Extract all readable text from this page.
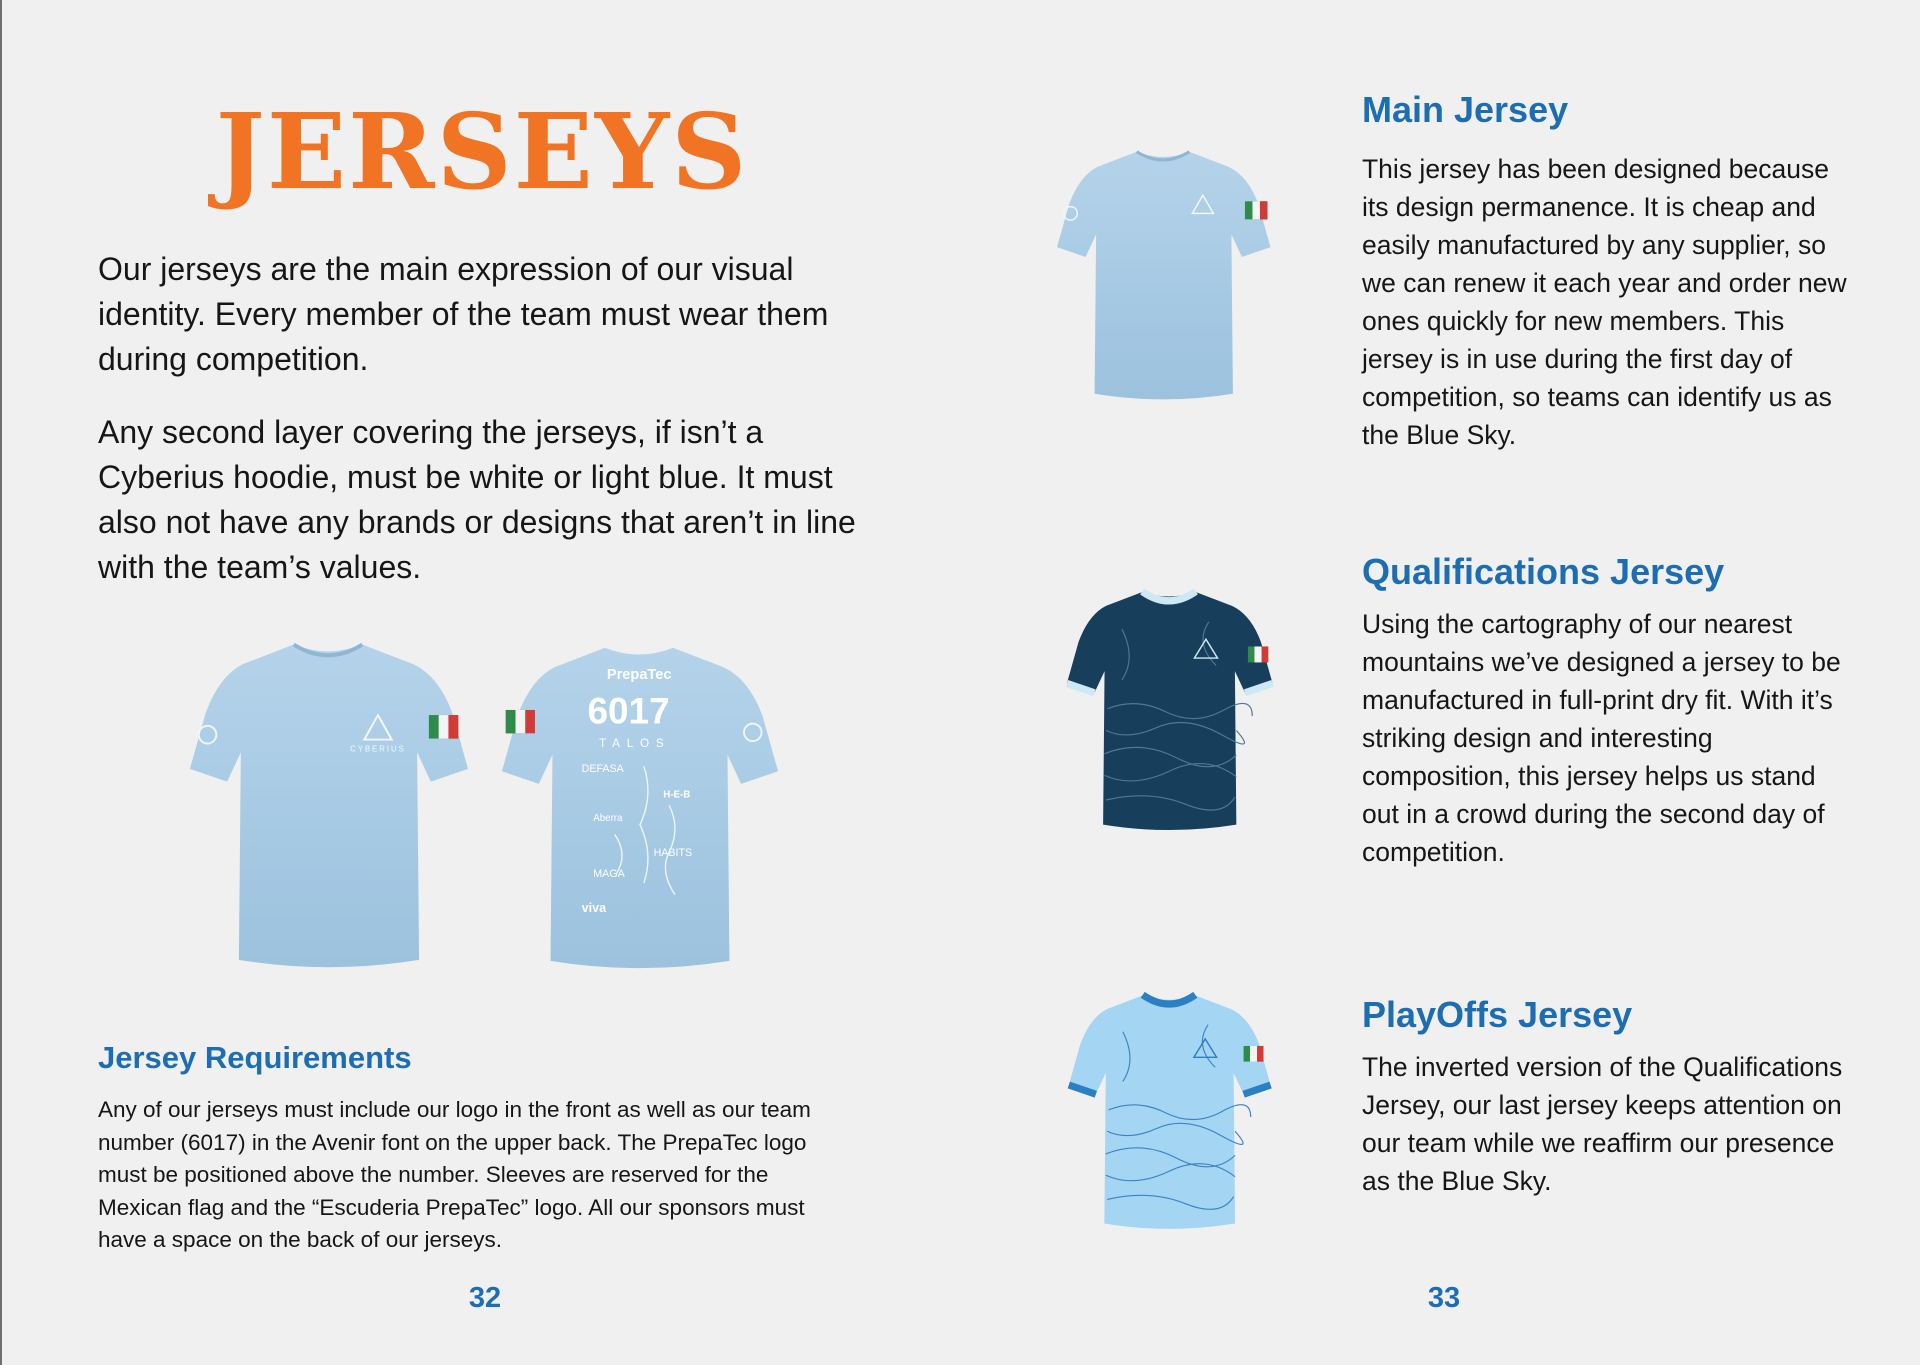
JERSEYS

Our jerseys are the main expression of our visual identity. Every member of the team must wear them during competition.

Any second layer covering the jerseys, if isn’t a Cyberius hoodie, must be white or light blue. It must also not have any brands or designs that aren’t in line with the team’s values.

CYBERIUS
PrepaTec
6017
TALOS
DEFASA
H-E-B
Aberra
HABITS
MAGA
viva
Jersey Requirements

Any of our jerseys must include our logo in the front as well as our team number (6017) in the Avenir font on the upper back. The PrepaTec logo must be positioned above the number. Sleeves are reserved for the Mexican flag and the “Escuderia PrepaTec” logo. All our sponsors must have a space on the back of our jerseys.

32
Main Jersey

This jersey has been designed because its design permanence. It is cheap and easily manufactured by any supplier, so we can renew it each year and order new ones quickly for new members. This jersey is in use during the first day of competition, so teams can identify us as the Blue Sky.

Qualifications Jersey

Using the cartography of our nearest mountains we’ve designed a jersey to be manufactured in full-print dry fit. With it’s striking design and interesting composition, this jersey helps us stand out in a crowd during the second day of competition.

PlayOffs Jersey

The inverted version of the Qualifications Jersey, our last jersey keeps attention on our team while we reaffirm our presence as the Blue Sky.

33
